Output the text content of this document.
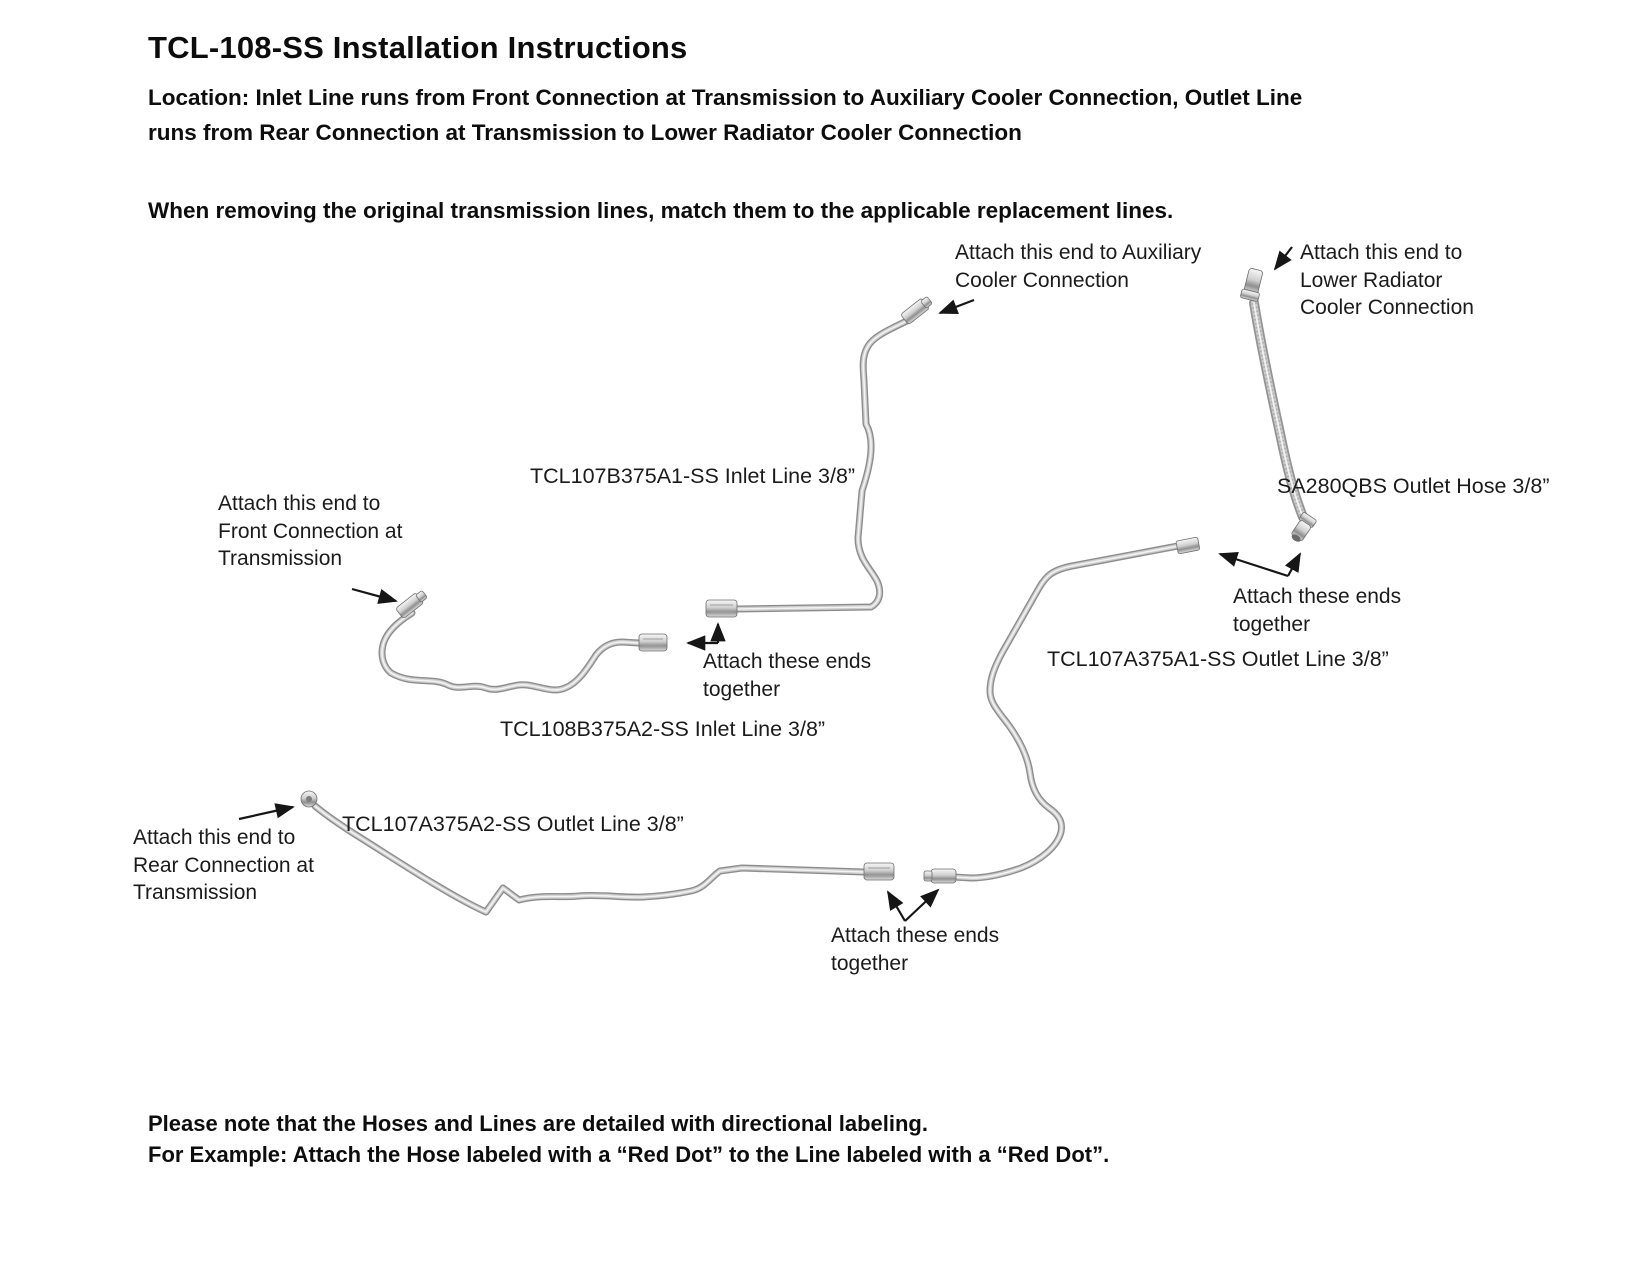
TCL-108-SS Installation Instructions
Location: Inlet Line runs from Front Connection at Transmission to Auxiliary Cooler Connection, Outlet Line
runs from Rear Connection at Transmission to Lower Radiator Cooler Connection
When removing the original transmission lines, match them to the applicable replacement lines.
Attach this end to Auxiliary
Cooler Connection
Attach this end to
Lower Radiator
Cooler Connection
Attach this end to
Front Connection at
Transmission
Attach this end to
Rear Connection at
Transmission
Attach these ends
together
Attach these ends
together
Attach these ends
together
TCL107B375A1-SS Inlet Line 3/8”
TCL108B375A2-SS Inlet Line 3/8”
SA280QBS Outlet Hose 3/8”
TCL107A375A1-SS Outlet Line 3/8”
TCL107A375A2-SS Outlet Line 3/8”
Please note that the Hoses and Lines are detailed with directional labeling.
For Example: Attach the Hose labeled with a “Red Dot” to the Line labeled with a “Red Dot”.
